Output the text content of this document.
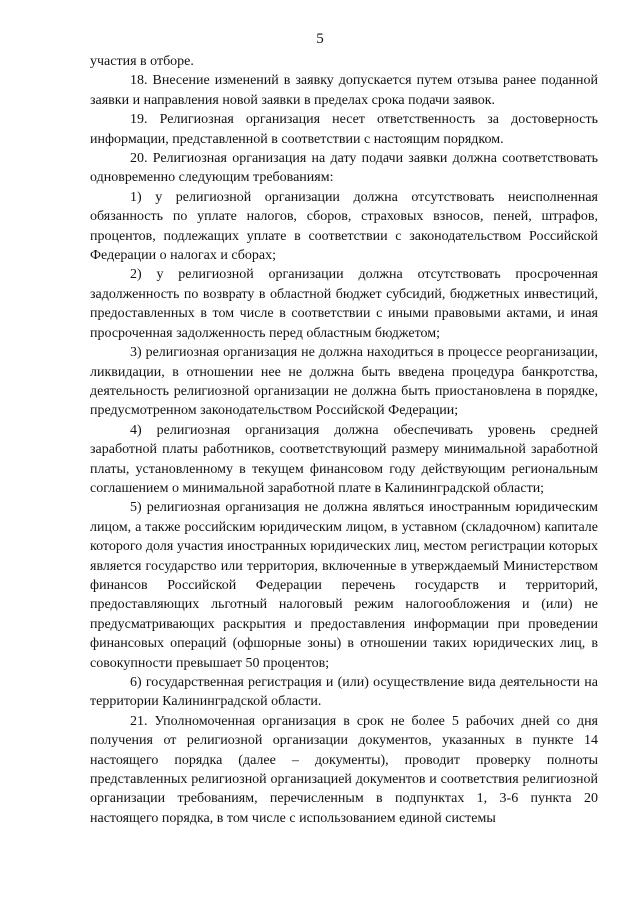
5

участия в отборе.

18. Внесение изменений в заявку допускается путем отзыва ранее поданной заявки и направления новой заявки в пределах срока подачи заявок.

19. Религиозная организация несет ответственность за достоверность информации, представленной в соответствии с настоящим порядком.

20. Религиозная организация на дату подачи заявки должна соответствовать одновременно следующим требованиям:

1) у религиозной организации должна отсутствовать неисполненная обязанность по уплате налогов, сборов, страховых взносов, пеней, штрафов, процентов, подлежащих уплате в соответствии с законодательством Российской Федерации о налогах и сборах;

2) у религиозной организации должна отсутствовать просроченная задолженность по возврату в областной бюджет субсидий, бюджетных инвестиций, предоставленных в том числе в соответствии с иными правовыми актами, и иная просроченная задолженность перед областным бюджетом;

3) религиозная организация не должна находиться в процессе реорганизации, ликвидации, в отношении нее не должна быть введена процедура банкротства, деятельность религиозной организации не должна быть приостановлена в порядке, предусмотренном законодательством Российской Федерации;

4) религиозная организация должна обеспечивать уровень средней заработной платы работников, соответствующий размеру минимальной заработной платы, установленному в текущем финансовом году действующим региональным соглашением о минимальной заработной плате в Калининградской области;

5) религиозная организация не должна являться иностранным юридическим лицом, а также российским юридическим лицом, в уставном (складочном) капитале которого доля участия иностранных юридических лиц, местом регистрации которых является государство или территория, включенные в утверждаемый Министерством финансов Российской Федерации перечень государств и территорий, предоставляющих льготный налоговый режим налогообложения и (или) не предусматривающих раскрытия и предоставления информации при проведении финансовых операций (офшорные зоны) в отношении таких юридических лиц, в совокупности превышает 50 процентов;

6) государственная регистрация и (или) осуществление вида деятельности на территории Калининградской области.

21. Уполномоченная организация в срок не более 5 рабочих дней со дня получения от религиозной организации документов, указанных в пункте 14 настоящего порядка (далее – документы), проводит проверку полноты представленных религиозной организацией документов и соответствия религиозной организации требованиям, перечисленным в подпунктах 1, 3-6 пункта 20 настоящего порядка, в том числе с использованием единой системы
